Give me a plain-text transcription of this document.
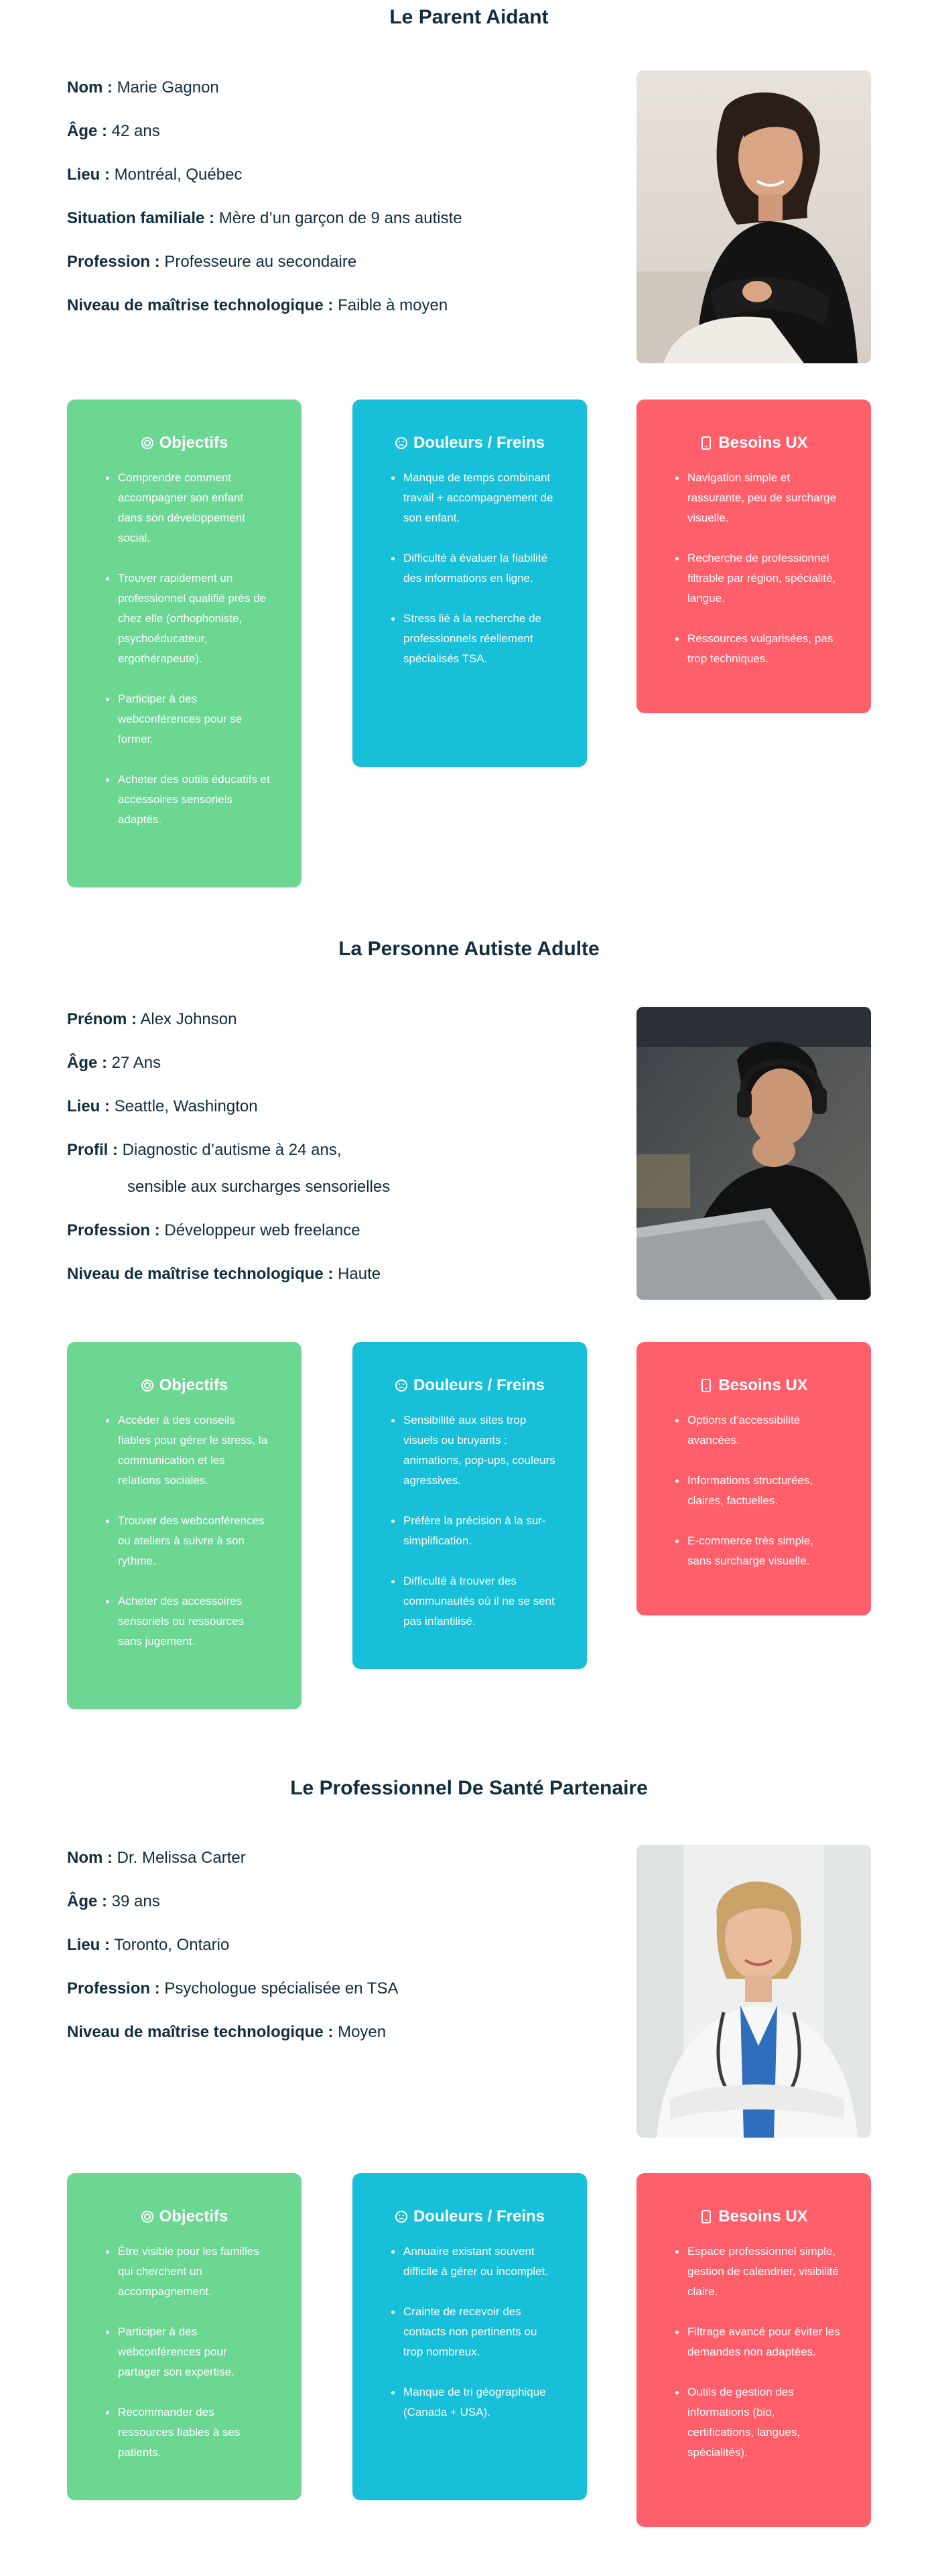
Le Parent Aidant
Nom : Marie Gagnon
Âge : 42 ans
Lieu : Montréal, Québec
Situation familiale : Mère d’un garçon de 9 ans autiste
Profession : Professeure au secondaire
Niveau de maîtrise technologique : Faible à moyen
Objectifs
Comprendre comment accompagner son enfant dans son développement social.
Trouver rapidement un professionnel qualifié près de chez elle (orthophoniste, psychoéducateur, ergothérapeute).
Participer à des webconférences pour se former.
Acheter des outils éducatifs et accessoires sensoriels adaptés.
Douleurs / Freins
Manque de temps combinant travail + accompagnement de son enfant.
Difficulté à évaluer la fiabilité des informations en ligne.
Stress lié à la recherche de professionnels réellement spécialisés TSA.
Besoins UX
Navigation simple et rassurante, peu de surcharge visuelle.
Recherche de professionnel filtrable par région, spécialité, langue.
Ressources vulgarisées, pas trop techniques.
La Personne Autiste Adulte
Prénom : Alex Johnson
Âge : 27 Ans
Lieu : Seattle, Washington
Profil : Diagnostic d’autisme à 24 ans,
sensible aux surcharges sensorielles
Profession : Développeur web freelance
Niveau de maîtrise technologique : Haute
Objectifs
Accéder à des conseils fiables pour gérer le stress, la communication et les relations sociales.
Trouver des webconférences ou ateliers à suivre à son rythme.
Acheter des accessoires sensoriels ou ressources sans jugement.
Douleurs / Freins
Sensibilité aux sites trop visuels ou bruyants : animations, pop-ups, couleurs agressives.
Préfère la précision à la sur-simplification.
Difficulté à trouver des communautés où il ne se sent pas infantilisé.
Besoins UX
Options d’accessibilité avancées.
Informations structurées, claires, factuelles.
E-commerce très simple, sans surcharge visuelle.
Le Professionnel De Santé Partenaire
Nom : Dr. Melissa Carter
Âge : 39 ans
Lieu : Toronto, Ontario
Profession : Psychologue spécialisée en TSA
Niveau de maîtrise technologique : Moyen
Objectifs
Être visible pour les familles qui cherchent un accompagnement.
Participer à des webconférences pour partager son expertise.
Recommander des ressources fiables à ses patients.
Douleurs / Freins
Annuaire existant souvent difficile à gérer ou incomplet.
Crainte de recevoir des contacts non pertinents ou trop nombreux.
Manque de tri géographique (Canada + USA).
Besoins UX
Espace professionnel simple, gestion de calendrier, visibilité claire.
Filtrage avancé pour éviter les demandes non adaptées.
Outils de gestion des informations (bio, certifications, langues, spécialités).
